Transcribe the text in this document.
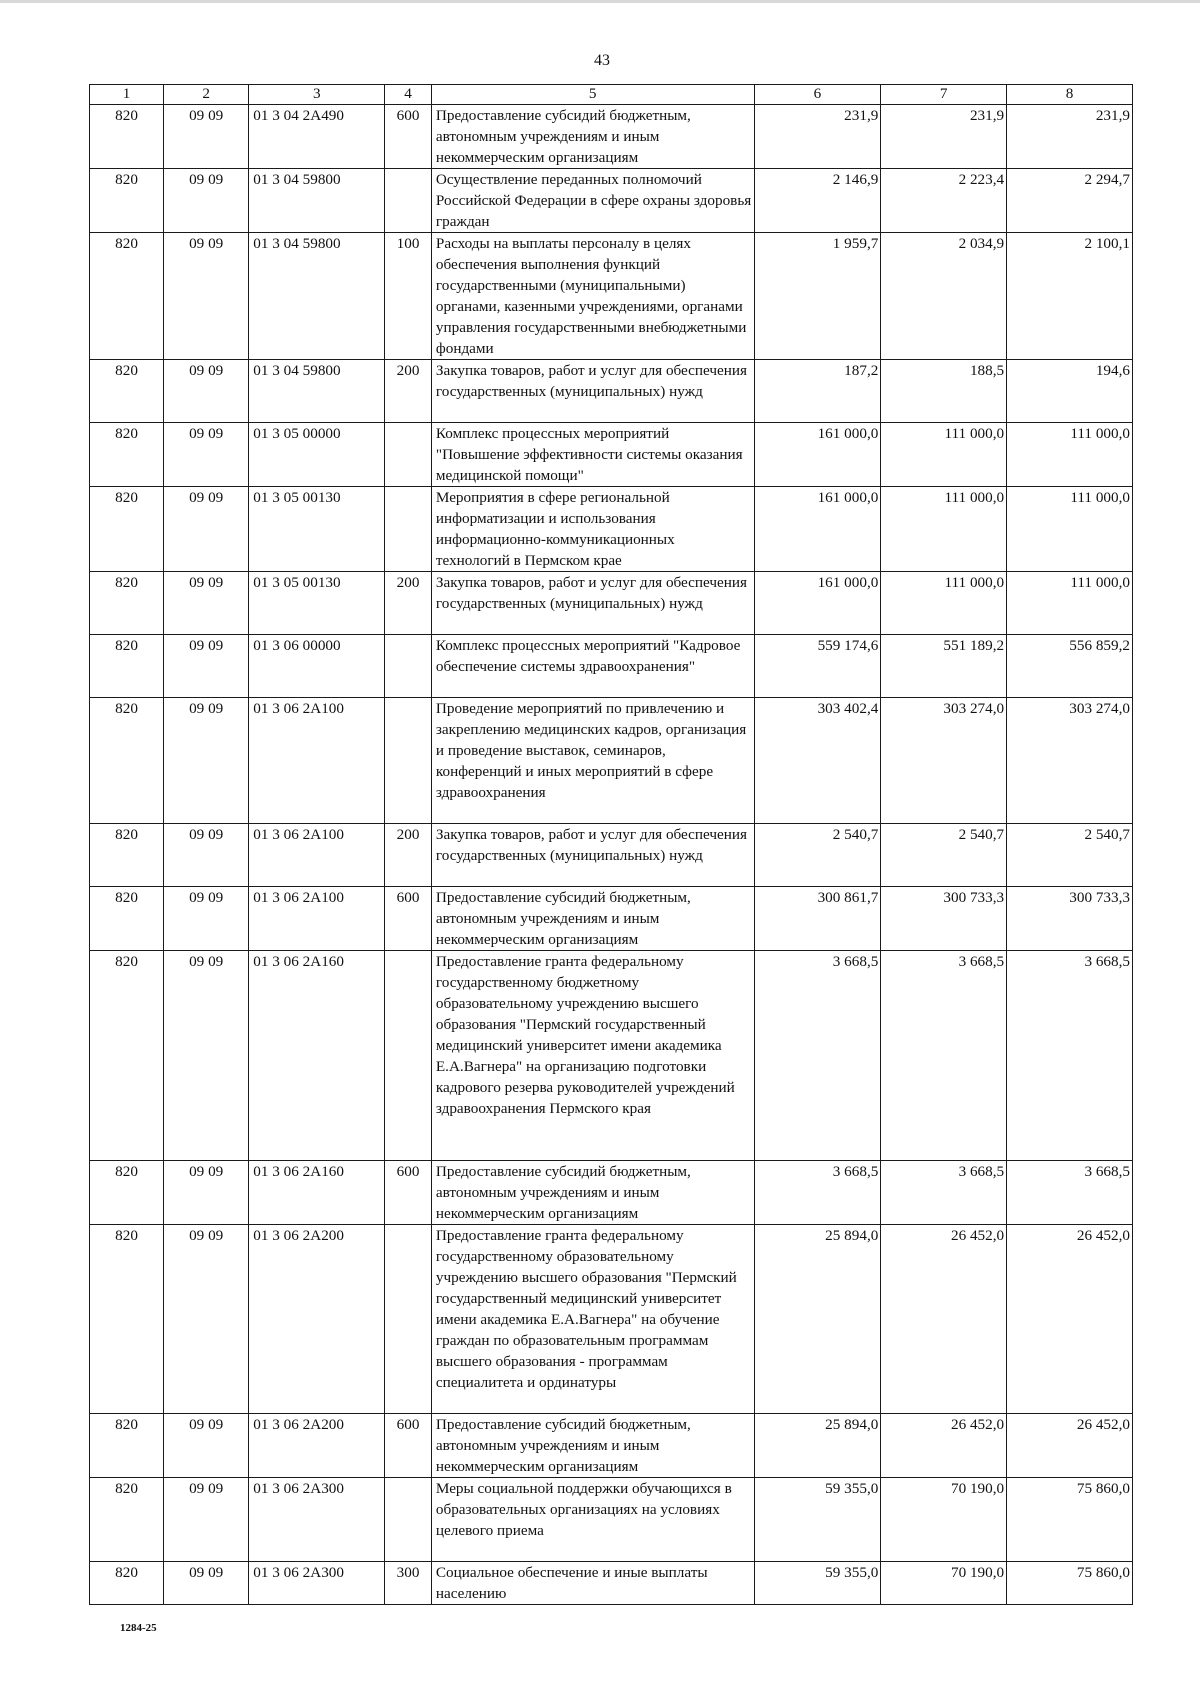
43
1	2	3	4	5	6	7	8
820	09 09	01 3 04 2А490	600	Предоставление субсидий бюджетным, автономным учреждениям и иным некоммерческим организациям	231,9	231,9	231,9
820	09 09	01 3 04 59800		Осуществление переданных полномочий Российской Федерации в сфере охраны здоровья граждан	2 146,9	2 223,4	2 294,7
820	09 09	01 3 04 59800	100	Расходы на выплаты персоналу в целях обеспечения выполнения функций государственными (муниципальными) органами, казенными учреждениями, органами управления государственными внебюджетными фондами	1 959,7	2 034,9	2 100,1
820	09 09	01 3 04 59800	200	Закупка товаров, работ и услуг для обеспечения государственных (муниципальных) нужд	187,2	188,5	194,6
820	09 09	01 3 05 00000		Комплекс процессных мероприятий "Повышение эффективности системы оказания медицинской помощи"	161 000,0	111 000,0	111 000,0
820	09 09	01 3 05 00130		Мероприятия в сфере региональной информатизации и использования информационно-коммуникационных технологий в Пермском крае	161 000,0	111 000,0	111 000,0
820	09 09	01 3 05 00130	200	Закупка товаров, работ и услуг для обеспечения государственных (муниципальных) нужд	161 000,0	111 000,0	111 000,0
820	09 09	01 3 06 00000		Комплекс процессных мероприятий "Кадровое обеспечение системы здравоохранения"	559 174,6	551 189,2	556 859,2
820	09 09	01 3 06 2А100		Проведение мероприятий по привлечению и закреплению медицинских кадров, организация и проведение выставок, семинаров, конференций и иных мероприятий в сфере здравоохранения	303 402,4	303 274,0	303 274,0
820	09 09	01 3 06 2А100	200	Закупка товаров, работ и услуг для обеспечения государственных (муниципальных) нужд	2 540,7	2 540,7	2 540,7
820	09 09	01 3 06 2А100	600	Предоставление субсидий бюджетным, автономным учреждениям и иным некоммерческим организациям	300 861,7	300 733,3	300 733,3
820	09 09	01 3 06 2А160		Предоставление гранта федеральному государственному бюджетному образовательному учреждению высшего образования "Пермский государственный медицинский университет имени академика Е.А.Вагнера" на организацию подготовки кадрового резерва руководителей учреждений здравоохранения Пермского края	3 668,5	3 668,5	3 668,5
820	09 09	01 3 06 2А160	600	Предоставление субсидий бюджетным, автономным учреждениям и иным некоммерческим организациям	3 668,5	3 668,5	3 668,5
820	09 09	01 3 06 2А200		Предоставление гранта федеральному государственному образовательному учреждению высшего образования "Пермский государственный медицинский университет имени академика Е.А.Вагнера" на обучение граждан по образовательным программам высшего образования - программам специалитета и ординатуры	25 894,0	26 452,0	26 452,0
820	09 09	01 3 06 2А200	600	Предоставление субсидий бюджетным, автономным учреждениям и иным некоммерческим организациям	25 894,0	26 452,0	26 452,0
820	09 09	01 3 06 2А300		Меры социальной поддержки обучающихся в образовательных организациях на условиях целевого приема	59 355,0	70 190,0	75 860,0
820	09 09	01 3 06 2А300	300	Социальное обеспечение и иные выплаты населению	59 355,0	70 190,0	75 860,0
1284-25
